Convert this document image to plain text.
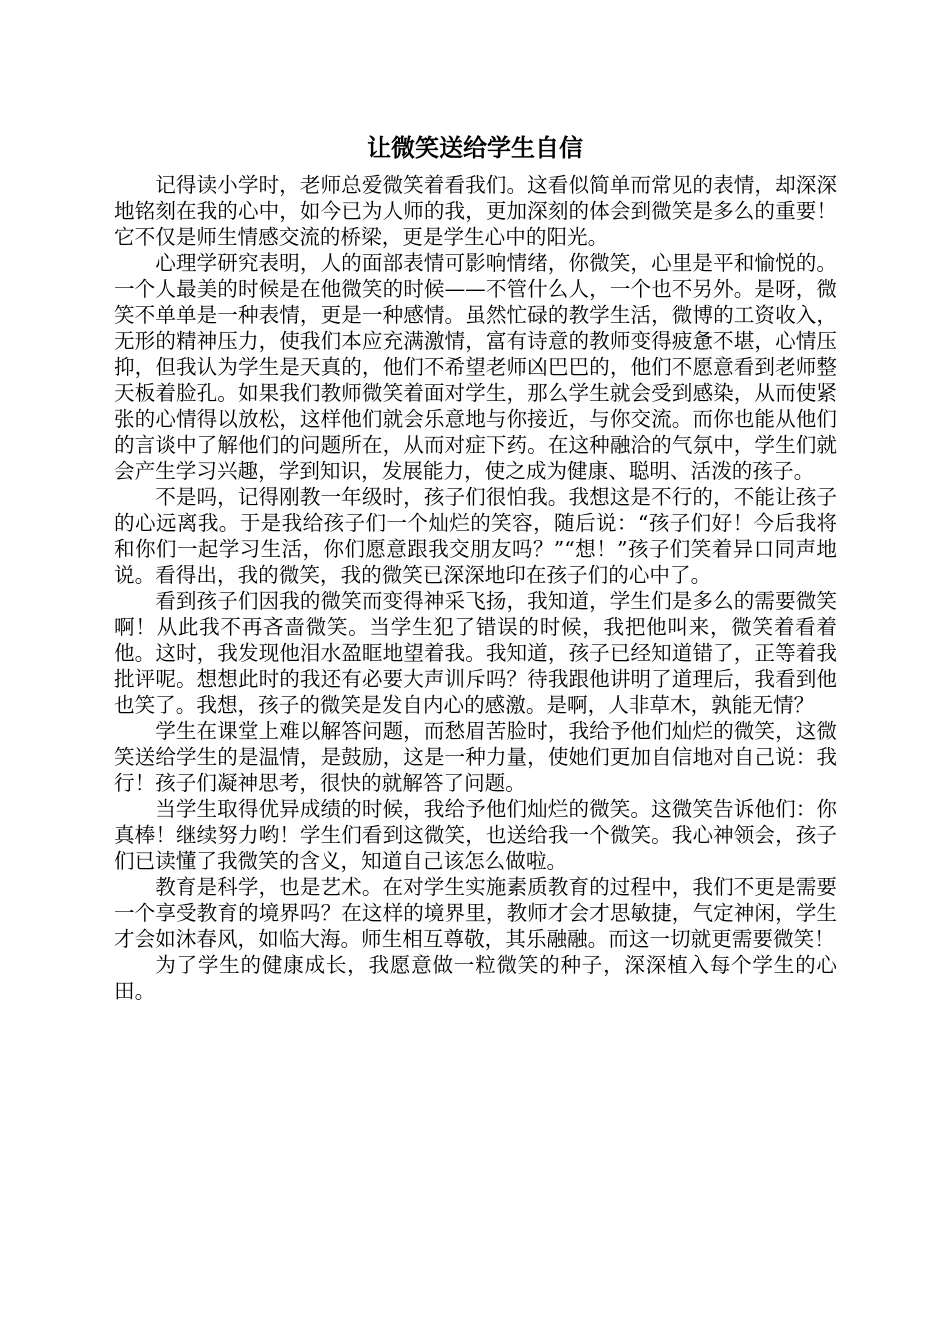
让微笑送给学生自信

记得读小学时，老师总爱微笑着看我们。这看似简单而常见的表情，却深深地铭刻在我的心中，如今已为人师的我，更加深刻的体会到微笑是多么的重要！它不仅是师生情感交流的桥梁，更是学生心中的阳光。

心理学研究表明，人的面部表情可影响情绪，你微笑，心里是平和愉悦的。一个人最美的时候是在他微笑的时候——不管什么人，一个也不另外。是呀，微笑不单单是一种表情，更是一种感情。虽然忙碌的教学生活，微博的工资收入，无形的精神压力，使我们本应充满激情，富有诗意的教师变得疲惫不堪，心情压抑，但我认为学生是天真的，他们不希望老师凶巴巴的，他们不愿意看到老师整天板着脸孔。如果我们教师微笑着面对学生，那么学生就会受到感染，从而使紧张的心情得以放松，这样他们就会乐意地与你接近，与你交流。而你也能从他们的言谈中了解他们的问题所在，从而对症下药。在这种融洽的气氛中，学生们就会产生学习兴趣，学到知识，发展能力，使之成为健康、聪明、活泼的孩子。

不是吗，记得刚教一年级时，孩子们很怕我。我想这是不行的，不能让孩子的心远离我。于是我给孩子们一个灿烂的笑容，随后说：“孩子们好！今后我将和你们一起学习生活，你们愿意跟我交朋友吗？”“想！”孩子们笑着异口同声地说。看得出，我的微笑，我的微笑已深深地印在孩子们的心中了。

看到孩子们因我的微笑而变得神采飞扬，我知道，学生们是多么的需要微笑啊！从此我不再吝啬微笑。当学生犯了错误的时候，我把他叫来，微笑着看着他。这时，我发现他泪水盈眶地望着我。我知道，孩子已经知道错了，正等着我批评呢。想想此时的我还有必要大声训斥吗？待我跟他讲明了道理后，我看到他也笑了。我想，孩子的微笑是发自内心的感激。是啊，人非草木，孰能无情？

学生在课堂上难以解答问题，而愁眉苦脸时，我给予他们灿烂的微笑，这微笑送给学生的是温情，是鼓励，这是一种力量，使她们更加自信地对自己说：我行！孩子们凝神思考，很快的就解答了问题。

当学生取得优异成绩的时候，我给予他们灿烂的微笑。这微笑告诉他们：你真棒！继续努力哟！学生们看到这微笑，也送给我一个微笑。我心神领会，孩子们已读懂了我微笑的含义，知道自己该怎么做啦。

教育是科学，也是艺术。在对学生实施素质教育的过程中，我们不更是需要一个享受教育的境界吗？在这样的境界里，教师才会才思敏捷，气定神闲，学生才会如沐春风，如临大海。师生相互尊敬，其乐融融。而这一切就更需要微笑！

为了学生的健康成长，我愿意做一粒微笑的种子，深深植入每个学生的心田。
